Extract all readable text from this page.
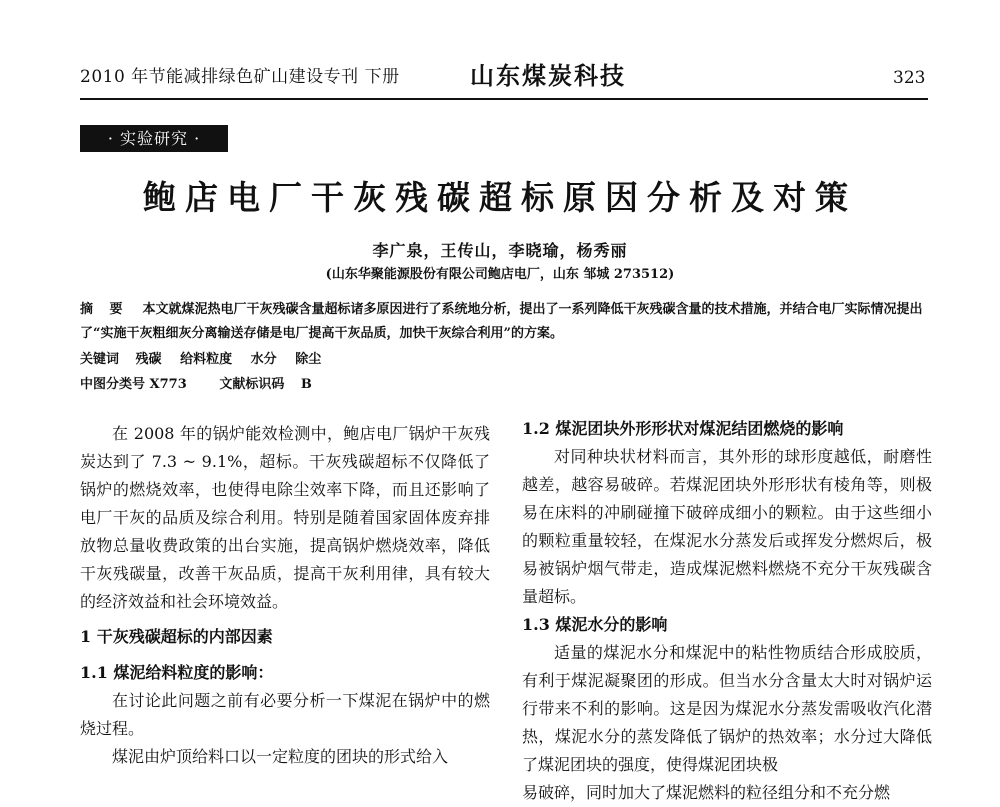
2010 年节能减排绿色矿山建设专刊 下册	山东煤炭科技	323
· 实验研究 ·
鲍店电厂干灰残碳超标原因分析及对策
李广泉，王传山，李晓瑜，杨秀丽
(山东华聚能源股份有限公司鲍店电厂，山东 邹城 273512)
摘 要 本文就煤泥热电厂干灰残碳含量超标诸多原因进行了系统地分析，提出了一系列降低干灰残碳含量的技术措施，并结合电厂实际情况提出了“实施干灰粗细灰分离输送存储是电厂提高干灰品质，加快干灰综合利用”的方案。
关键词 残碳 给料粒度 水分 除尘
中图分类号 X773	文献标识码 B

在 2008 年的锅炉能效检测中，鲍店电厂锅炉干灰残炭达到了 7.3 ~ 9.1%，超标。干灰残碳超标不仅降低了锅炉的燃烧效率，也使得电除尘效率下降，而且还影响了电厂干灰的品质及综合利用。特别是随着国家固体废弃排放物总量收费政策的出台实施，提高锅炉燃烧效率，降低干灰残碳量，改善干灰品质，提高干灰利用律，具有较大的经济效益和社会环境效益。

1 干灰残碳超标的内部因素

1.1 煤泥给料粒度的影响：

在讨论此问题之前有必要分析一下煤泥在锅炉中的燃烧过程。

煤泥由炉顶给料口以一定粒度的团块的形式给入

1.2 煤泥团块外形形状对煤泥结团燃烧的影响

对同种块状材料而言，其外形的球形度越低，耐磨性越差，越容易破碎。若煤泥团块外形形状有棱角等，则极易在床料的冲刷碰撞下破碎成细小的颗粒。由于这些细小的颗粒重量较轻，在煤泥水分蒸发后或挥发分燃烬后，极易被锅炉烟气带走，造成煤泥燃料燃烧不充分干灰残碳含量超标。

1.3 煤泥水分的影响

适量的煤泥水分和煤泥中的粘性物质结合形成胶质，有利于煤泥凝聚团的形成。但当水分含量太大时对锅炉运行带来不利的影响。这是因为煤泥水分蒸发需吸收汽化潜热，煤泥水分的蒸发降低了锅炉的热效率；水分过大降低了煤泥团块的强度，使得煤泥团块极

易破碎，同时加大了煤泥燃料的粒径组分和不充分燃
